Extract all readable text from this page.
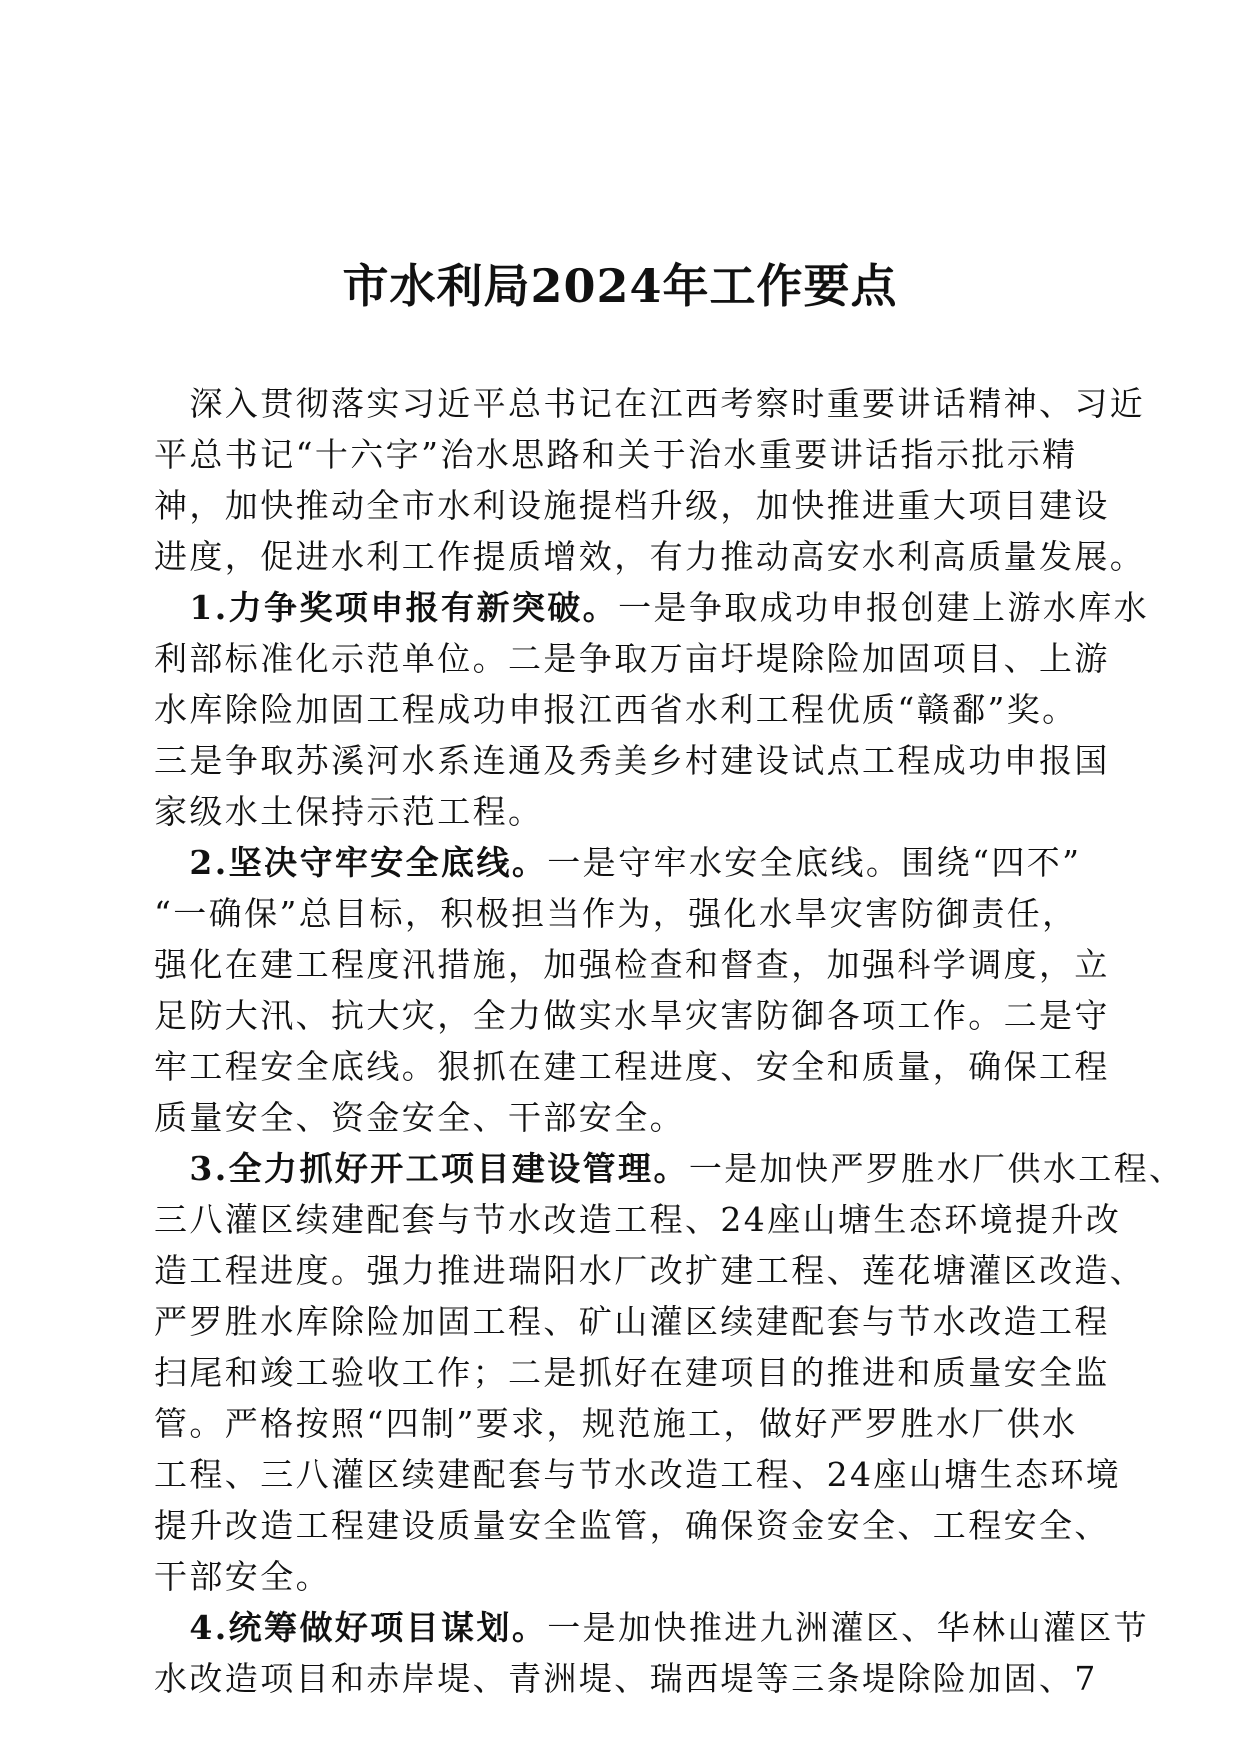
市水利局2024年工作要点
　深入贯彻落实习近平总书记在江西考察时重要讲话精神、习近
平总书记“十六字”治水思路和关于治水重要讲话指示批示精
神，加快推动全市水利设施提档升级，加快推进重大项目建设
进度，促进水利工作提质增效，有力推动高安水利高质量发展。
　1.力争奖项申报有新突破。一是争取成功申报创建上游水库水
利部标准化示范单位。二是争取万亩圩堤除险加固项目、上游
水库除险加固工程成功申报江西省水利工程优质“赣鄱”奖。
三是争取苏溪河水系连通及秀美乡村建设试点工程成功申报国
家级水土保持示范工程。
　2.坚决守牢安全底线。一是守牢水安全底线。围绕“四不”
“一确保”总目标，积极担当作为，强化水旱灾害防御责任，
强化在建工程度汛措施，加强检查和督查，加强科学调度，立
足防大汛、抗大灾，全力做实水旱灾害防御各项工作。二是守
牢工程安全底线。狠抓在建工程进度、安全和质量，确保工程
质量安全、资金安全、干部安全。
　3.全力抓好开工项目建设管理。一是加快严罗胜水厂供水工程、
三八灌区续建配套与节水改造工程、24座山塘生态环境提升改
造工程进度。强力推进瑞阳水厂改扩建工程、莲花塘灌区改造、
严罗胜水库除险加固工程、矿山灌区续建配套与节水改造工程
扫尾和竣工验收工作；二是抓好在建项目的推进和质量安全监
管。严格按照“四制”要求，规范施工，做好严罗胜水厂供水
工程、三八灌区续建配套与节水改造工程、24座山塘生态环境
提升改造工程建设质量安全监管，确保资金安全、工程安全、
干部安全。
　4.统筹做好项目谋划。一是加快推进九洲灌区、华林山灌区节
水改造项目和赤岸堤、青洲堤、瑞西堤等三条堤除险加固、7
